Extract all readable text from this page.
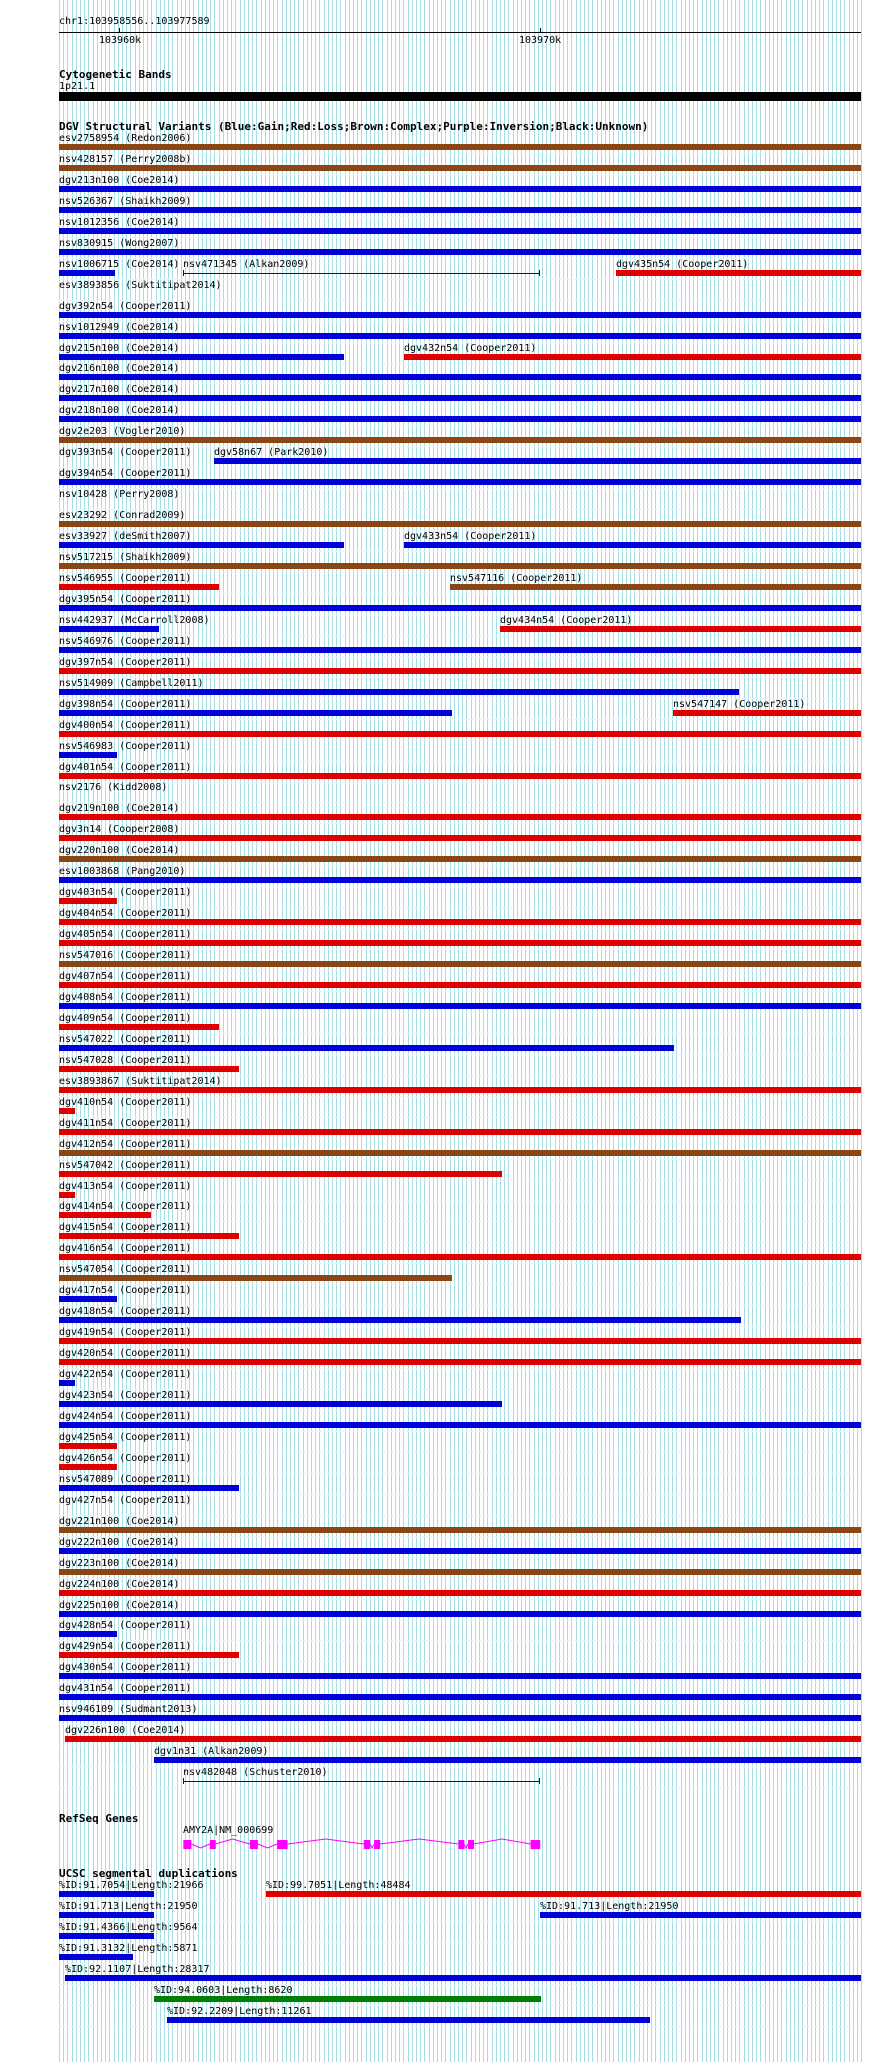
chr1:103958556..103977589
103960k	103970k
Cytogenetic Bands
1p21.1
DGV Structural Variants (Blue:Gain;Red:Loss;Brown:Complex;Purple:Inversion;Black:Unknown)
esv2758954 (Redon2006)
nsv428157 (Perry2008b)
dgv213n100 (Coe2014)
nsv526367 (Shaikh2009)
nsv1012356 (Coe2014)
nsv830915 (Wong2007)
nsv1006715 (Coe2014) nsv471345 (Alkan2009)	dgv435n54 (Cooper2011)
esv3893856 (Suktitipat2014)
dgv392n54 (Cooper2011)
nsv1012949 (Coe2014)
dgv215n100 (Coe2014)	dgv432n54 (Cooper2011)
dgv216n100 (Coe2014)
dgv217n100 (Coe2014)
dgv218n100 (Coe2014)
dgv2e203 (Vogler2010)
dgv393n54 (Cooper2011) dgv58n67 (Park2010)
dgv394n54 (Cooper2011)
nsv10428 (Perry2008)
esv23292 (Conrad2009)
esv33927 (deSmith2007)	dgv433n54 (Cooper2011)
nsv517215 (Shaikh2009)
nsv546955 (Cooper2011)	nsv547116 (Cooper2011)
dgv395n54 (Cooper2011)
nsv442937 (McCarroll2008)	dgv434n54 (Cooper2011)
nsv546976 (Cooper2011)
dgv397n54 (Cooper2011)
nsv514909 (Campbell2011)
dgv398n54 (Cooper2011)	nsv547147 (Cooper2011)
dgv400n54 (Cooper2011)
nsv546983 (Cooper2011)
dgv401n54 (Cooper2011)
nsv2176 (Kidd2008)
dgv219n100 (Coe2014)
dgv3n14 (Cooper2008)
dgv220n100 (Coe2014)
esv1003868 (Pang2010)
dgv403n54 (Cooper2011)
dgv404n54 (Cooper2011)
dgv405n54 (Cooper2011)
nsv547016 (Cooper2011)
dgv407n54 (Cooper2011)
dgv408n54 (Cooper2011)
dgv409n54 (Cooper2011)
nsv547022 (Cooper2011)
nsv547028 (Cooper2011)
esv3893867 (Suktitipat2014)
dgv410n54 (Cooper2011)
dgv411n54 (Cooper2011)
dgv412n54 (Cooper2011)
nsv547042 (Cooper2011)
dgv413n54 (Cooper2011)
dgv414n54 (Cooper2011)
dgv415n54 (Cooper2011)
dgv416n54 (Cooper2011)
nsv547054 (Cooper2011)
dgv417n54 (Cooper2011)
dgv418n54 (Cooper2011)
dgv419n54 (Cooper2011)
dgv420n54 (Cooper2011)
dgv422n54 (Cooper2011)
dgv423n54 (Cooper2011)
dgv424n54 (Cooper2011)
dgv425n54 (Cooper2011)
dgv426n54 (Cooper2011)
nsv547089 (Cooper2011)
dgv427n54 (Cooper2011)
dgv221n100 (Coe2014)
dgv222n100 (Coe2014)
dgv223n100 (Coe2014)
dgv224n100 (Coe2014)
dgv225n100 (Coe2014)
dgv428n54 (Cooper2011)
dgv429n54 (Cooper2011)
dgv430n54 (Cooper2011)
dgv431n54 (Cooper2011)
nsv946109 (Sudmant2013)
dgv226n100 (Coe2014)
dgv1n31 (Alkan2009)
nsv482048 (Schuster2010)
RefSeq Genes
AMY2A|NM_000699
UCSC segmental duplications
%ID:91.7054|Length:21966	%ID:99.7051|Length:48484
%ID:91.713|Length:21950	%ID:91.713|Length:21950
%ID:91.4366|Length:9564
%ID:91.3132|Length:5871
%ID:92.1107|Length:28317
%ID:94.0603|Length:8620
%ID:92.2209|Length:11261
